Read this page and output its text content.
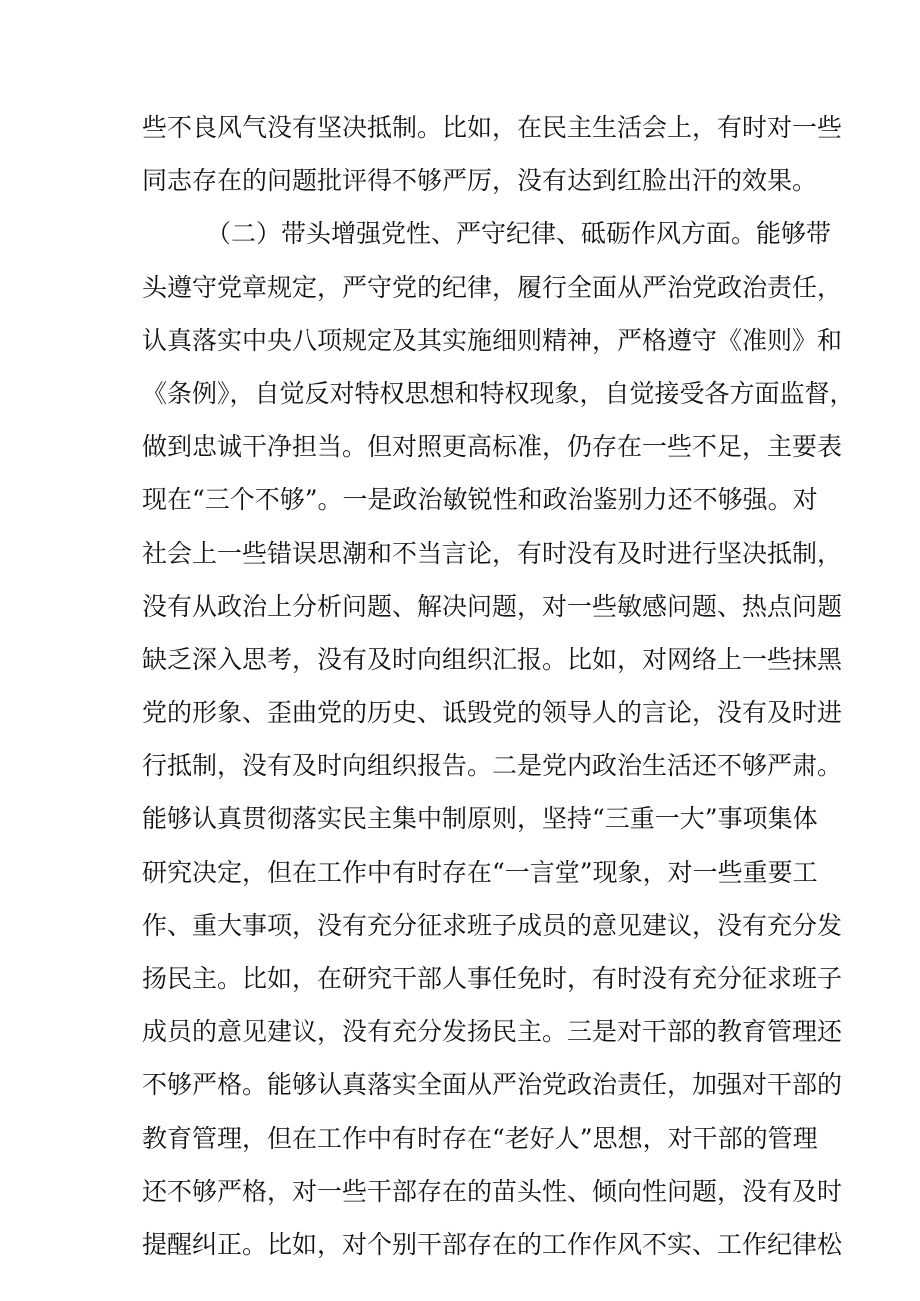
些不良风气没有坚决抵制。比如，在民主生活会上，有时对一些
同志存在的问题批评得不够严厉，没有达到红脸出汗的效果。
（二）带头增强党性、严守纪律、砥砺作风方面。能够带
头遵守党章规定，严守党的纪律，履行全面从严治党政治责任，
认真落实中央八项规定及其实施细则精神，严格遵守《准则》和
《条例》，自觉反对特权思想和特权现象，自觉接受各方面监督，
做到忠诚干净担当。但对照更高标准，仍存在一些不足，主要表
现在“三个不够”。一是政治敏锐性和政治鉴别力还不够强。对
社会上一些错误思潮和不当言论，有时没有及时进行坚决抵制，
没有从政治上分析问题、解决问题，对一些敏感问题、热点问题
缺乏深入思考，没有及时向组织汇报。比如，对网络上一些抹黑
党的形象、歪曲党的历史、诋毁党的领导人的言论，没有及时进
行抵制，没有及时向组织报告。二是党内政治生活还不够严肃。
能够认真贯彻落实民主集中制原则，坚持“三重一大”事项集体
研究决定，但在工作中有时存在“一言堂”现象，对一些重要工
作、重大事项，没有充分征求班子成员的意见建议，没有充分发
扬民主。比如，在研究干部人事任免时，有时没有充分征求班子
成员的意见建议，没有充分发扬民主。三是对干部的教育管理还
不够严格。能够认真落实全面从严治党政治责任，加强对干部的
教育管理，但在工作中有时存在“老好人”思想，对干部的管理
还不够严格，对一些干部存在的苗头性、倾向性问题，没有及时
提醒纠正。比如，对个别干部存在的工作作风不实、工作纪律松
